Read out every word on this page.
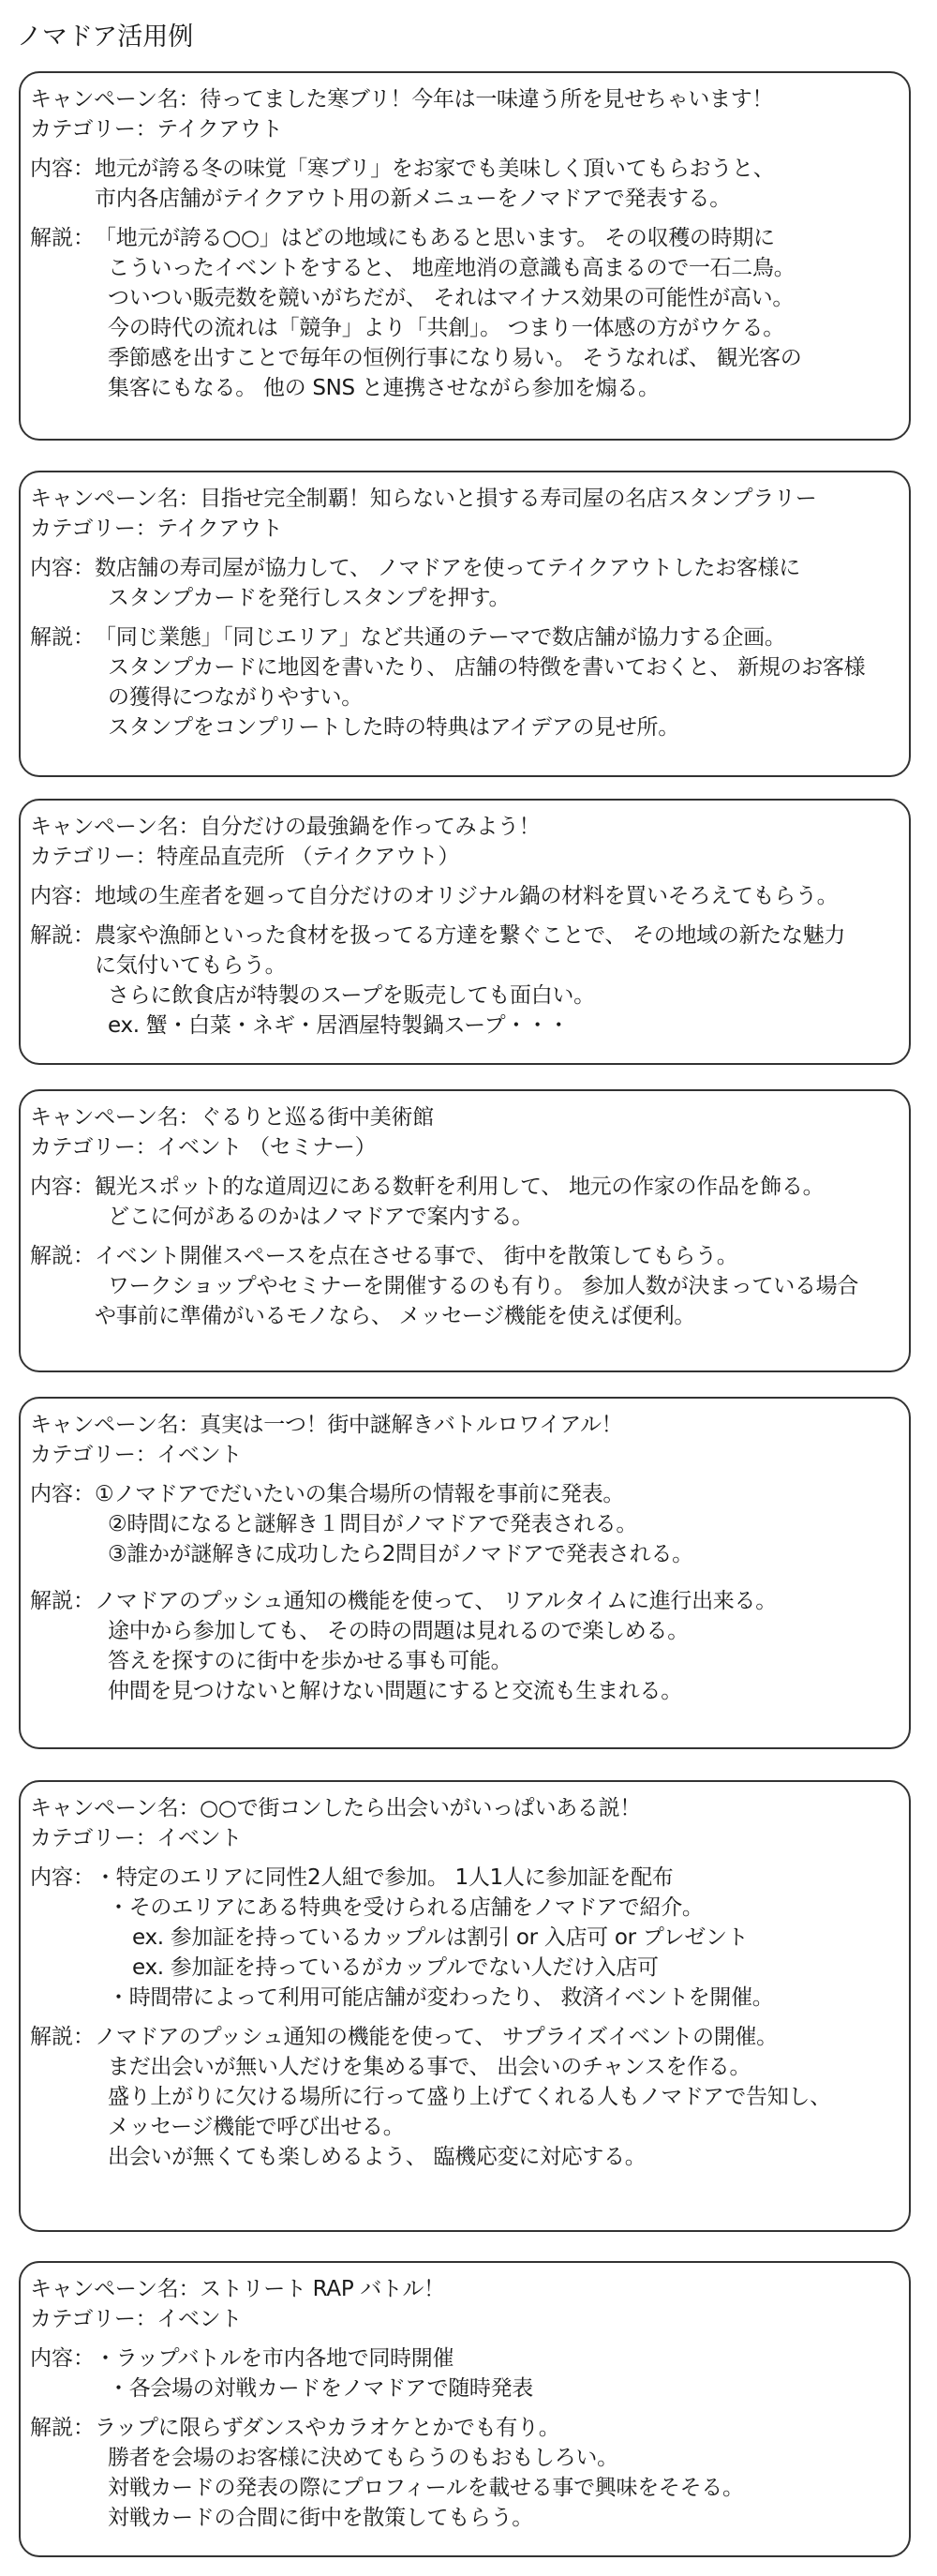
ノマドア活用例
キャンペーン名：待ってました寒ブリ！今年は一味違う所を見せちゃいます！
カテゴリー：テイクアウト
内容： 地元が誇る冬の味覚「寒ブリ」をお家でも美味しく頂いてもらおうと、
市内各店舗がテイクアウト用の新メニューをノマドアで発表する。
解説： 「地元が誇る○○」はどの地域にもあると思います。 その収穫の時期に
こういったイベントをすると、 地産地消の意識も高まるので一石二鳥。
ついつい販売数を競いがちだが、 それはマイナス効果の可能性が高い。
今の時代の流れは「競争」より「共創」。 つまり一体感の方がウケる。
季節感を出すことで毎年の恒例行事になり易い。 そうなれば、 観光客の
集客にもなる。 他の SNS と連携させながら参加を煽る。
キャンペーン名：目指せ完全制覇！知らないと損する寿司屋の名店スタンプラリー
カテゴリー：テイクアウト
内容： 数店舗の寿司屋が協力して、 ノマドアを使ってテイクアウトしたお客様に
スタンプカードを発行しスタンプを押す。
解説： 「同じ業態」「同じエリア」など共通のテーマで数店舗が協力する企画。
スタンプカードに地図を書いたり、 店舗の特徴を書いておくと、 新規のお客様
の獲得につながりやすい。
スタンプをコンプリートした時の特典はアイデアの見せ所。
キャンペーン名：自分だけの最強鍋を作ってみよう！
カテゴリー：特産品直売所 （テイクアウト）
内容： 地域の生産者を廻って自分だけのオリジナル鍋の材料を買いそろえてもらう。
解説： 農家や漁師といった食材を扱ってる方達を繋ぐことで、 その地域の新たな魅力
に気付いてもらう。
さらに飲食店が特製のスープを販売しても面白い。
ex. 蟹・白菜・ネギ・居酒屋特製鍋スープ・・・
キャンペーン名：ぐるりと巡る街中美術館
カテゴリー：イベント （セミナー）
内容： 観光スポット的な道周辺にある数軒を利用して、 地元の作家の作品を飾る。
どこに何があるのかはノマドアで案内する。
解説： イベント開催スペースを点在させる事で、 街中を散策してもらう。
ワークショップやセミナーを開催するのも有り。 参加人数が決まっている場合
や事前に準備がいるモノなら、 メッセージ機能を使えば便利。
キャンペーン名：真実は一つ！街中謎解きバトルロワイアル！
カテゴリー：イベント
内容： ①ノマドアでだいたいの集合場所の情報を事前に発表。
②時間になると謎解き１問目がノマドアで発表される。
③誰かが謎解きに成功したら2問目がノマドアで発表される。
解説： ノマドアのプッシュ通知の機能を使って、 リアルタイムに進行出来る。
途中から参加しても、 その時の問題は見れるので楽しめる。
答えを探すのに街中を歩かせる事も可能。
仲間を見つけないと解けない問題にすると交流も生まれる。
キャンペーン名：○○で街コンしたら出会いがいっぱいある説！
カテゴリー：イベント
内容： ・特定のエリアに同性2人組で参加。 1人1人に参加証を配布
・そのエリアにある特典を受けられる店舗をノマドアで紹介。
ex. 参加証を持っているカップルは割引 or 入店可 or プレゼント
ex. 参加証を持っているがカップルでない人だけ入店可
・時間帯によって利用可能店舗が変わったり、 救済イベントを開催。
解説： ノマドアのプッシュ通知の機能を使って、 サプライズイベントの開催。
まだ出会いが無い人だけを集める事で、 出会いのチャンスを作る。
盛り上がりに欠ける場所に行って盛り上げてくれる人もノマドアで告知し、
メッセージ機能で呼び出せる。
出会いが無くても楽しめるよう、 臨機応変に対応する。
キャンペーン名：ストリート RAP バトル！
カテゴリー：イベント
内容： ・ラップバトルを市内各地で同時開催
・各会場の対戦カードをノマドアで随時発表
解説： ラップに限らずダンスやカラオケとかでも有り。
勝者を会場のお客様に決めてもらうのもおもしろい。
対戦カードの発表の際にプロフィールを載せる事で興味をそそる。
対戦カードの合間に街中を散策してもらう。
